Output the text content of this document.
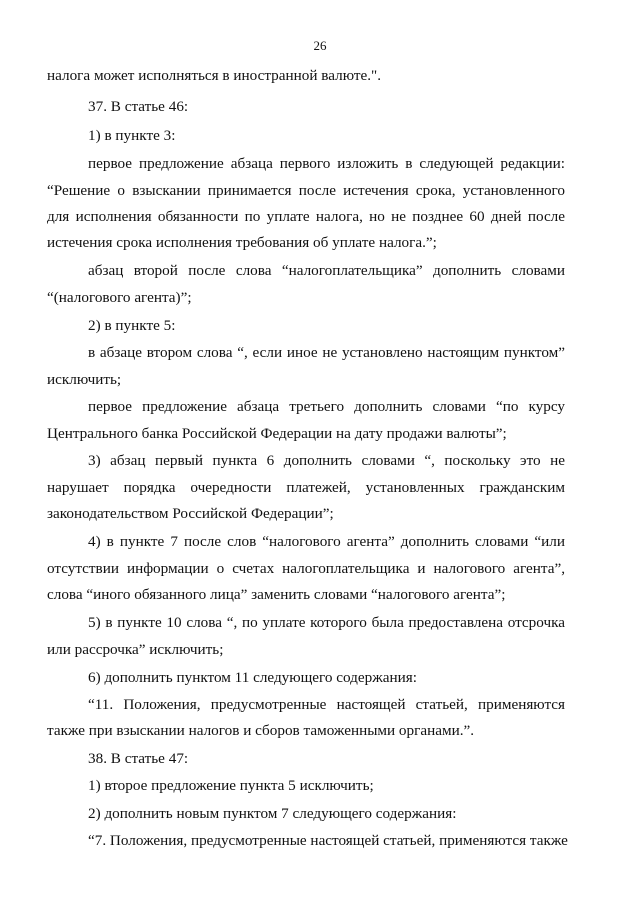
26
налога может исполняться в иностранной валюте.".
37. В статье 46:
1) в пункте 3:
первое предложение абзаца первого изложить в следующей редакции:
“Решение о взыскании принимается после истечения срока, установленного
для исполнения обязанности по уплате налога, но не позднее 60 дней после
истечения срока исполнения требования об уплате налога.”;
абзац второй после слова “налогоплательщика” дополнить словами
“(налогового агента)”;
2) в пункте 5:
в абзаце втором слова “, если иное не установлено настоящим пунктом”
исключить;
первое предложение абзаца третьего дополнить словами “по курсу
Центрального банка Российской Федерации на дату продажи валюты”;
3) абзац первый пункта 6 дополнить словами “, поскольку это не
нарушает порядка очередности платежей, установленных гражданским
законодательством Российской Федерации”;
4) в пункте 7 после слов “налогового агента” дополнить словами “или
отсутствии информации о счетах налогоплательщика и налогового агента”,
слова “иного обязанного лица” заменить словами “налогового агента”;
5) в пункте 10 слова “, по уплате которого была предоставлена отсрочка
или рассрочка” исключить;
6) дополнить пунктом 11 следующего содержания:
“11. Положения, предусмотренные настоящей статьей, применяются
также при взыскании налогов и сборов таможенными органами.”.
38. В статье 47:
1) второе предложение пункта 5 исключить;
2) дополнить новым пунктом 7 следующего содержания:
“7. Положения, предусмотренные настоящей статьей, применяются также
